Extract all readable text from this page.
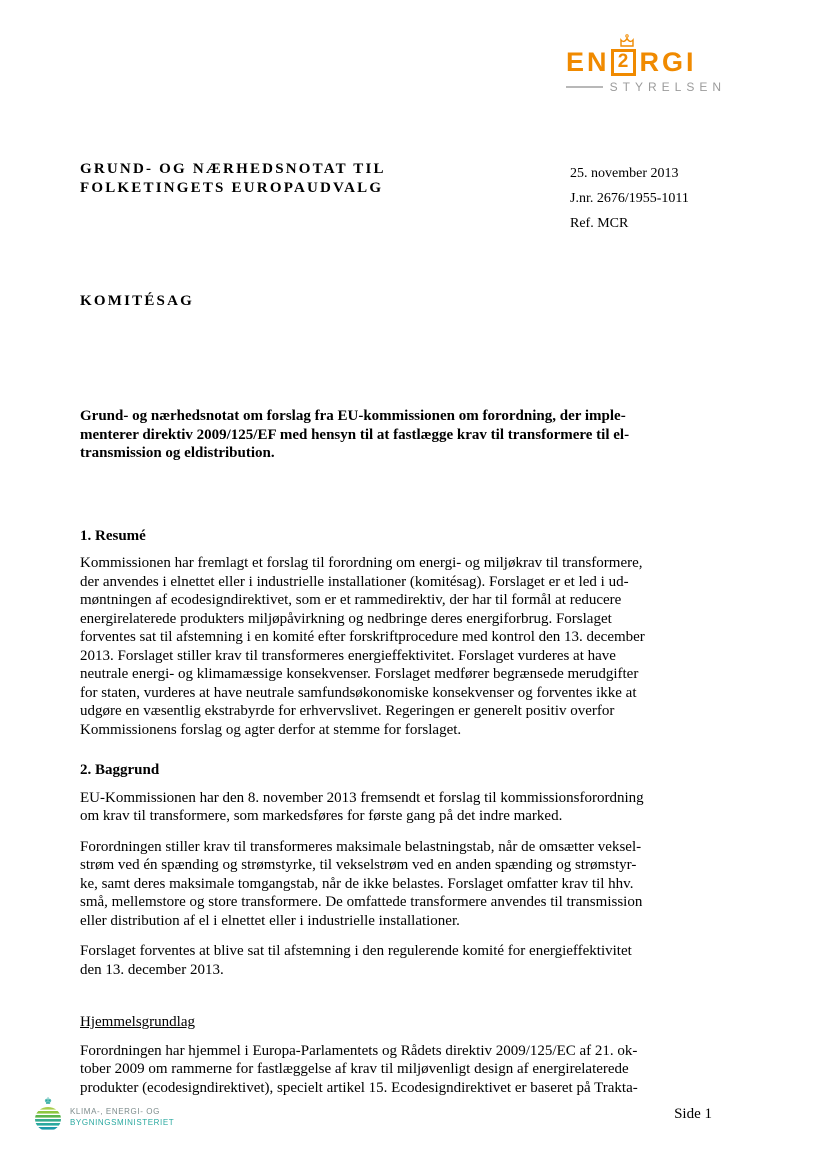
EN 2 RGI
STYRELSEN
GRUND- OG NÆRHEDSNOTAT TIL
FOLKETINGETS EUROPAUDVALG
25. november 2013
J.nr. 2676/1955-1011
Ref. MCR
KOMITÉSAG
Grund- og nærhedsnotat om forslag fra EU-kommissionen om forordning, der imple-
menterer direktiv 2009/125/EF med hensyn til at fastlægge krav til transformere til el-
transmission og eldistribution.
1. Resumé
Kommissionen har fremlagt et forslag til forordning om energi- og miljøkrav til transformere,
der anvendes i elnettet eller i industrielle installationer (komitésag). Forslaget er et led i ud-
møntningen af ecodesigndirektivet, som er et rammedirektiv, der har til formål at reducere
energirelaterede produkters miljøpåvirkning og nedbringe deres energiforbrug. Forslaget
forventes sat til afstemning i en komité efter forskriftprocedure med kontrol den 13. december
2013. Forslaget stiller krav til transformeres energieffektivitet. Forslaget vurderes at have
neutrale energi- og klimamæssige konsekvenser. Forslaget medfører begrænsede merudgifter
for staten, vurderes at have neutrale samfundsøkonomiske konsekvenser og forventes ikke at
udgøre en væsentlig ekstrabyrde for erhvervslivet. Regeringen er generelt positiv overfor
Kommissionens forslag og agter derfor at stemme for forslaget.
2. Baggrund
EU-Kommissionen har den 8. november 2013 fremsendt et forslag til kommissionsforordning
om krav til transformere, som markedsføres for første gang på det indre marked.
Forordningen stiller krav til transformeres maksimale belastningstab, når de omsætter veksel-
strøm ved én spænding og strømstyrke, til vekselstrøm ved en anden spænding og strømstyr-
ke, samt deres maksimale tomgangstab, når de ikke belastes. Forslaget omfatter krav til hhv.
små, mellemstore og store transformere. De omfattede transformere anvendes til transmission
eller distribution af el i elnettet eller i industrielle installationer.
Forslaget forventes at blive sat til afstemning i den regulerende komité for energieffektivitet
den 13. december 2013.
Hjemmelsgrundlag
Forordningen har hjemmel i Europa-Parlamentets og Rådets direktiv 2009/125/EC af 21. ok-
tober 2009 om rammerne for fastlæggelse af krav til miljøvenligt design af energirelaterede
produkter (ecodesigndirektivet), specielt artikel 15. Ecodesigndirektivet er baseret på Trakta-
♚
KLIMA-, ENERGI- OG
BYGNINGSMINISTERIET
Side 1
